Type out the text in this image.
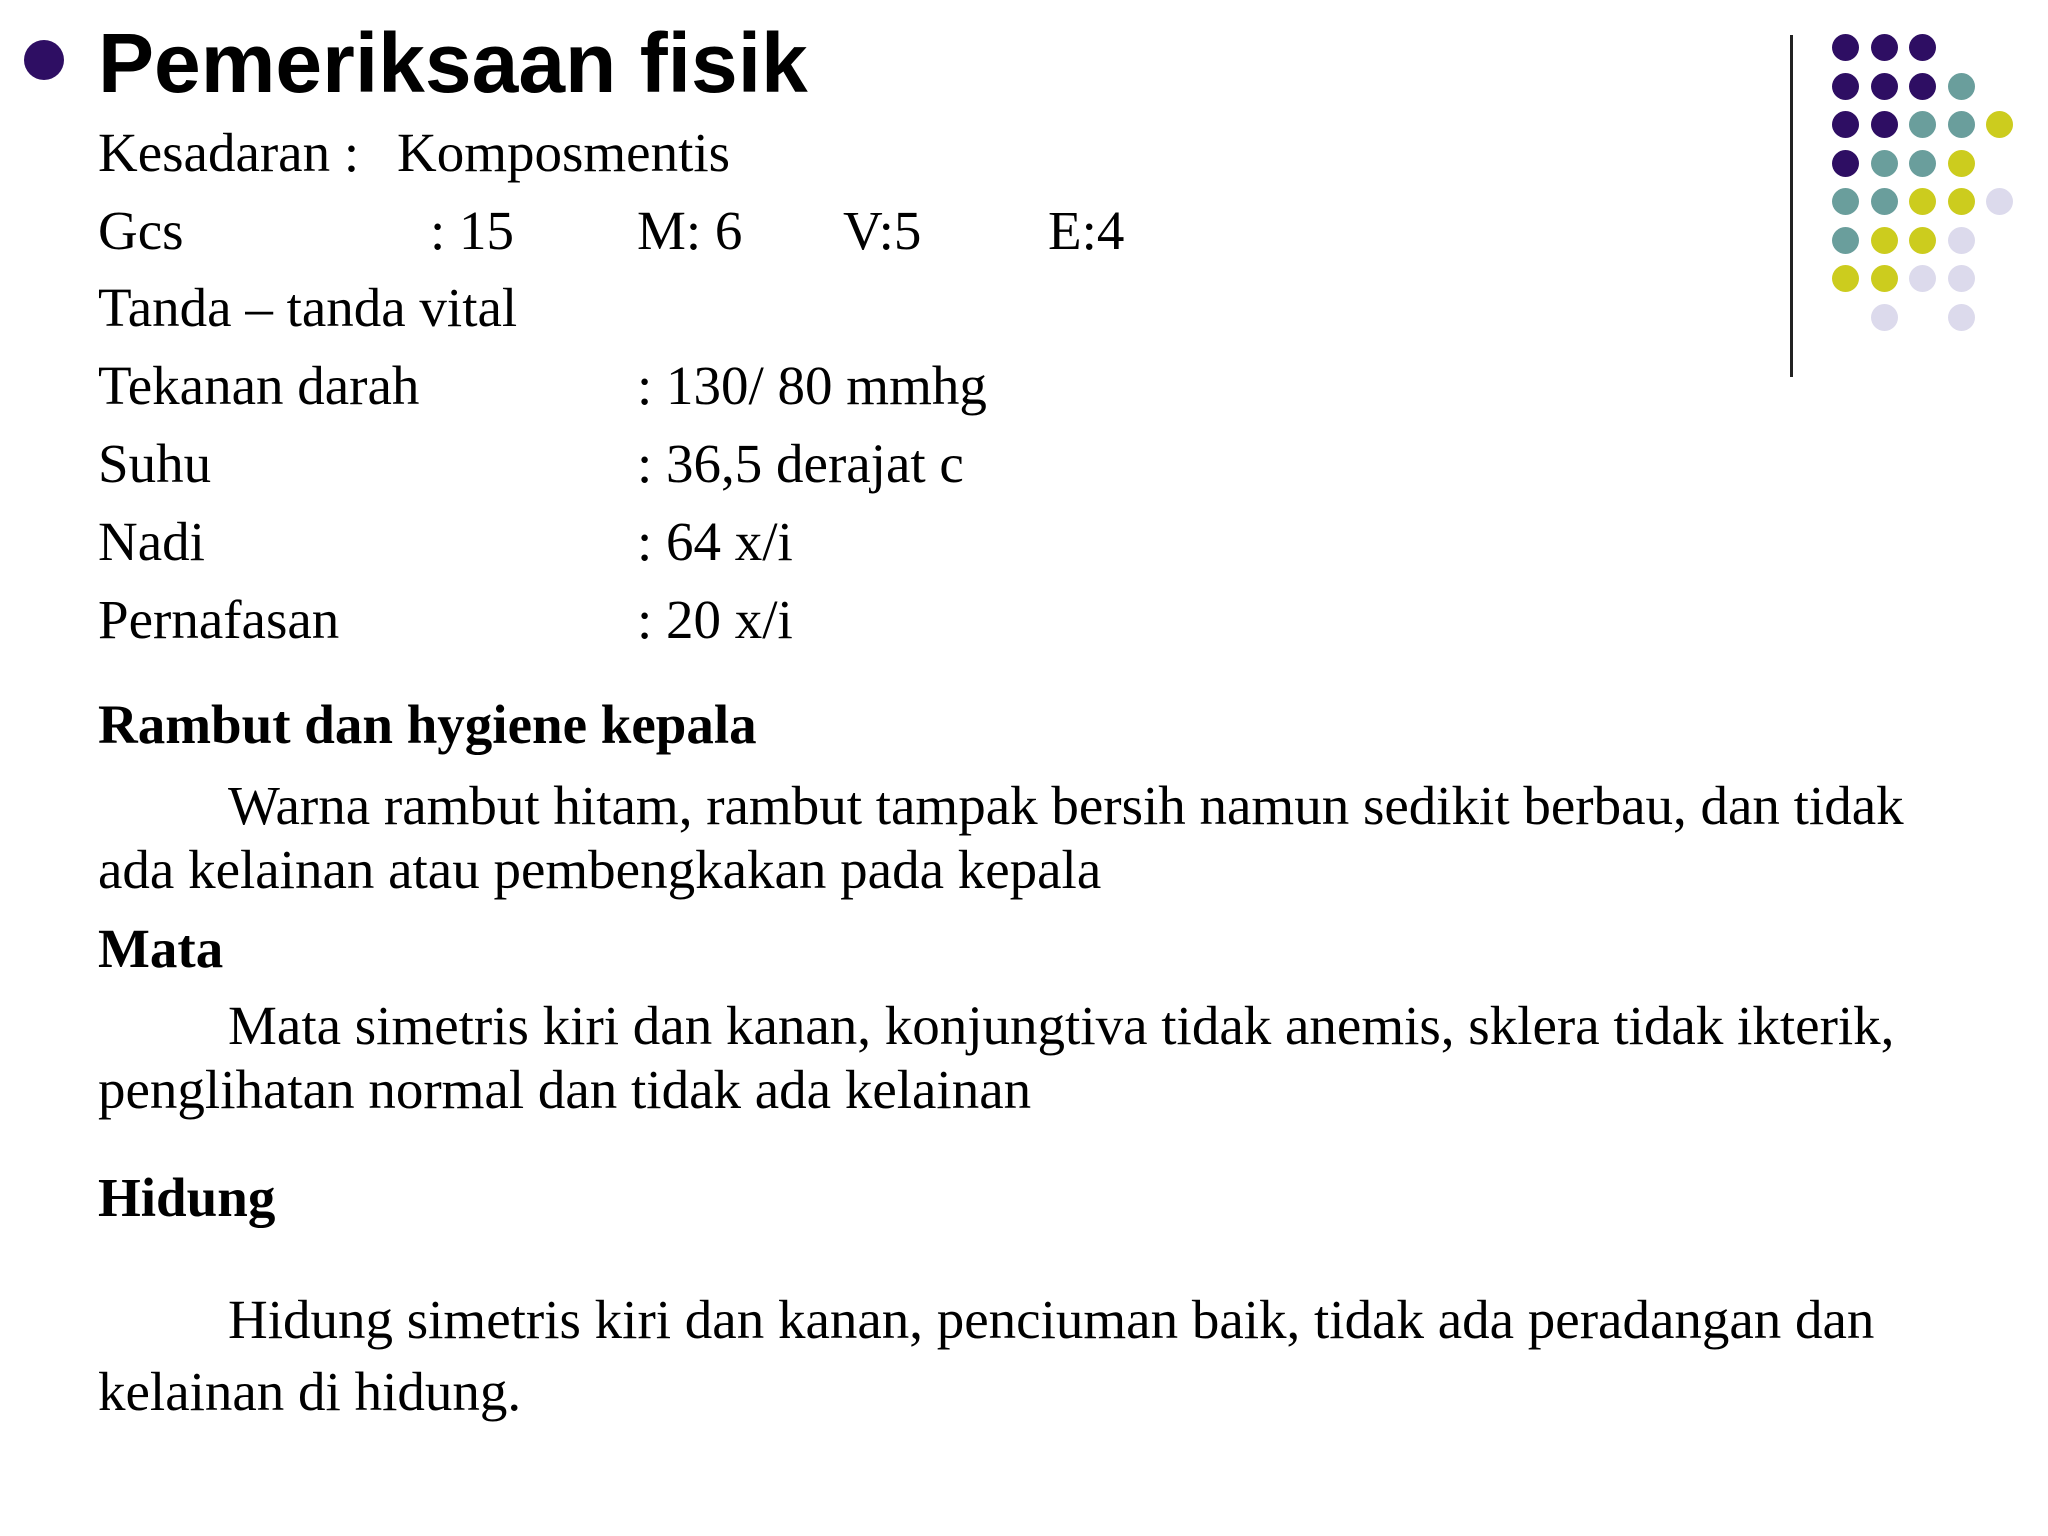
Pemeriksaan fisik
Kesadaran : Komposmentis
Gcs	: 15 M: 6 V:5 E:4
Tanda – tanda vital
Tekanan darah	: 130/ 80 mmhg
Suhu	: 36,5 derajat c
Nadi	: 64 x/i
Pernafasan	: 20 x/i
Rambut dan hygiene kepala
Warna rambut hitam, rambut tampak bersih namun sedikit berbau, dan tidak
ada kelainan atau pembengkakan pada kepala
Mata
Mata simetris kiri dan kanan, konjungtiva tidak anemis, sklera tidak ikterik,
penglihatan normal dan tidak ada kelainan
Hidung
Hidung simetris kiri dan kanan, penciuman baik, tidak ada peradangan dan
kelainan di hidung.
